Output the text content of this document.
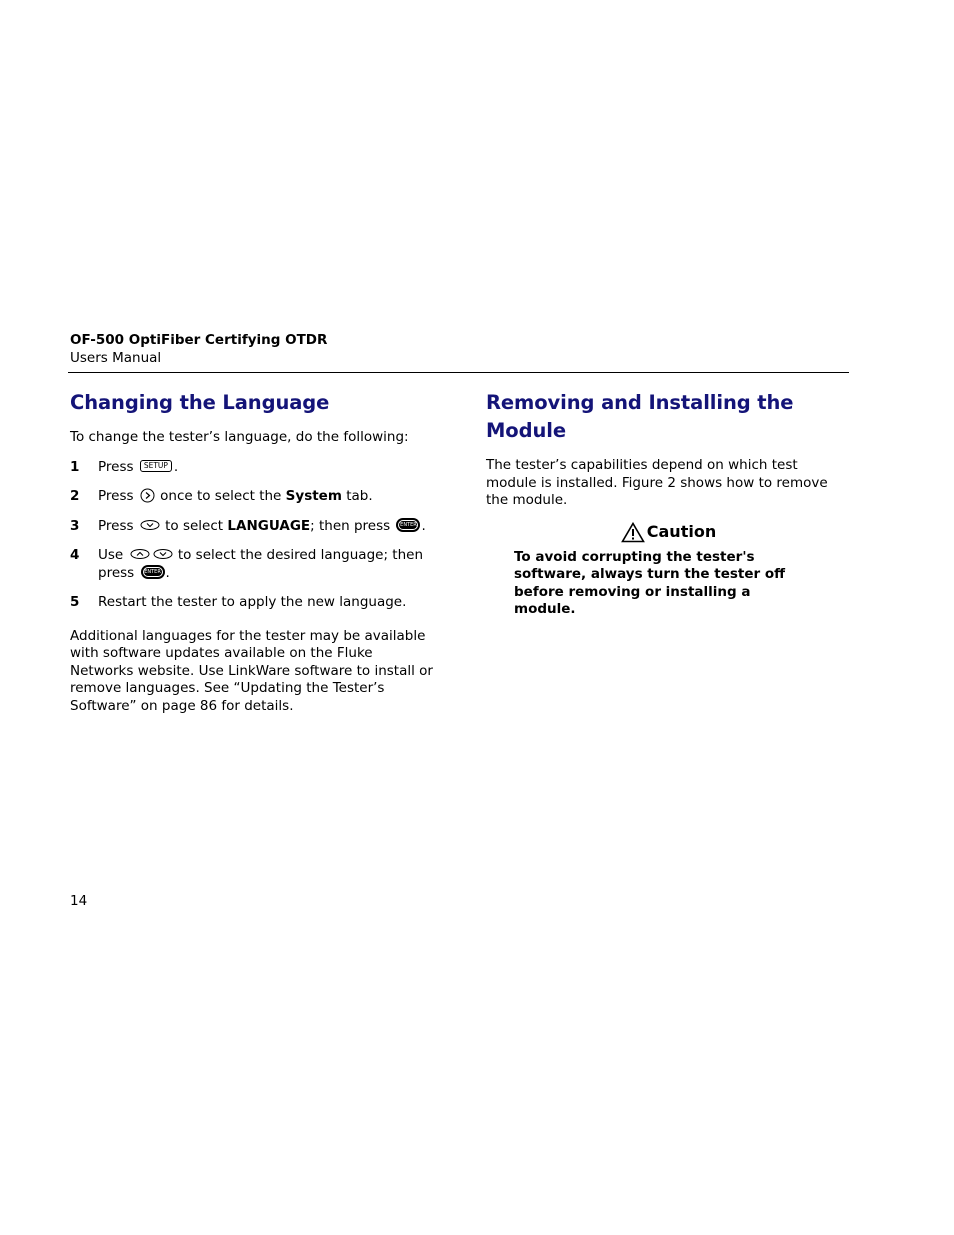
OF-500 OptiFiber Certifying OTDR
Users Manual
Changing the Language

To change the tester’s language, do the following:

1 Press SETUP .
2 Press once to select the System tab.
3 Press to select LANGUAGE; then press	ENTER .
4 Use	to select the desired language; then press	ENTER .
5 Restart the tester to apply the new language.

Additional languages for the tester may be available with software updates available on the Fluke Networks website. Use LinkWare software to install or remove languages. See “Updating the Tester’s Software” on page 86 for details.

Removing and Installing the Module

The tester’s capabilities depend on which test module is installed. Figure 2 shows how to remove the module.

Caution

To avoid corrupting the tester's software, always turn the tester off before removing or installing a module.

14
